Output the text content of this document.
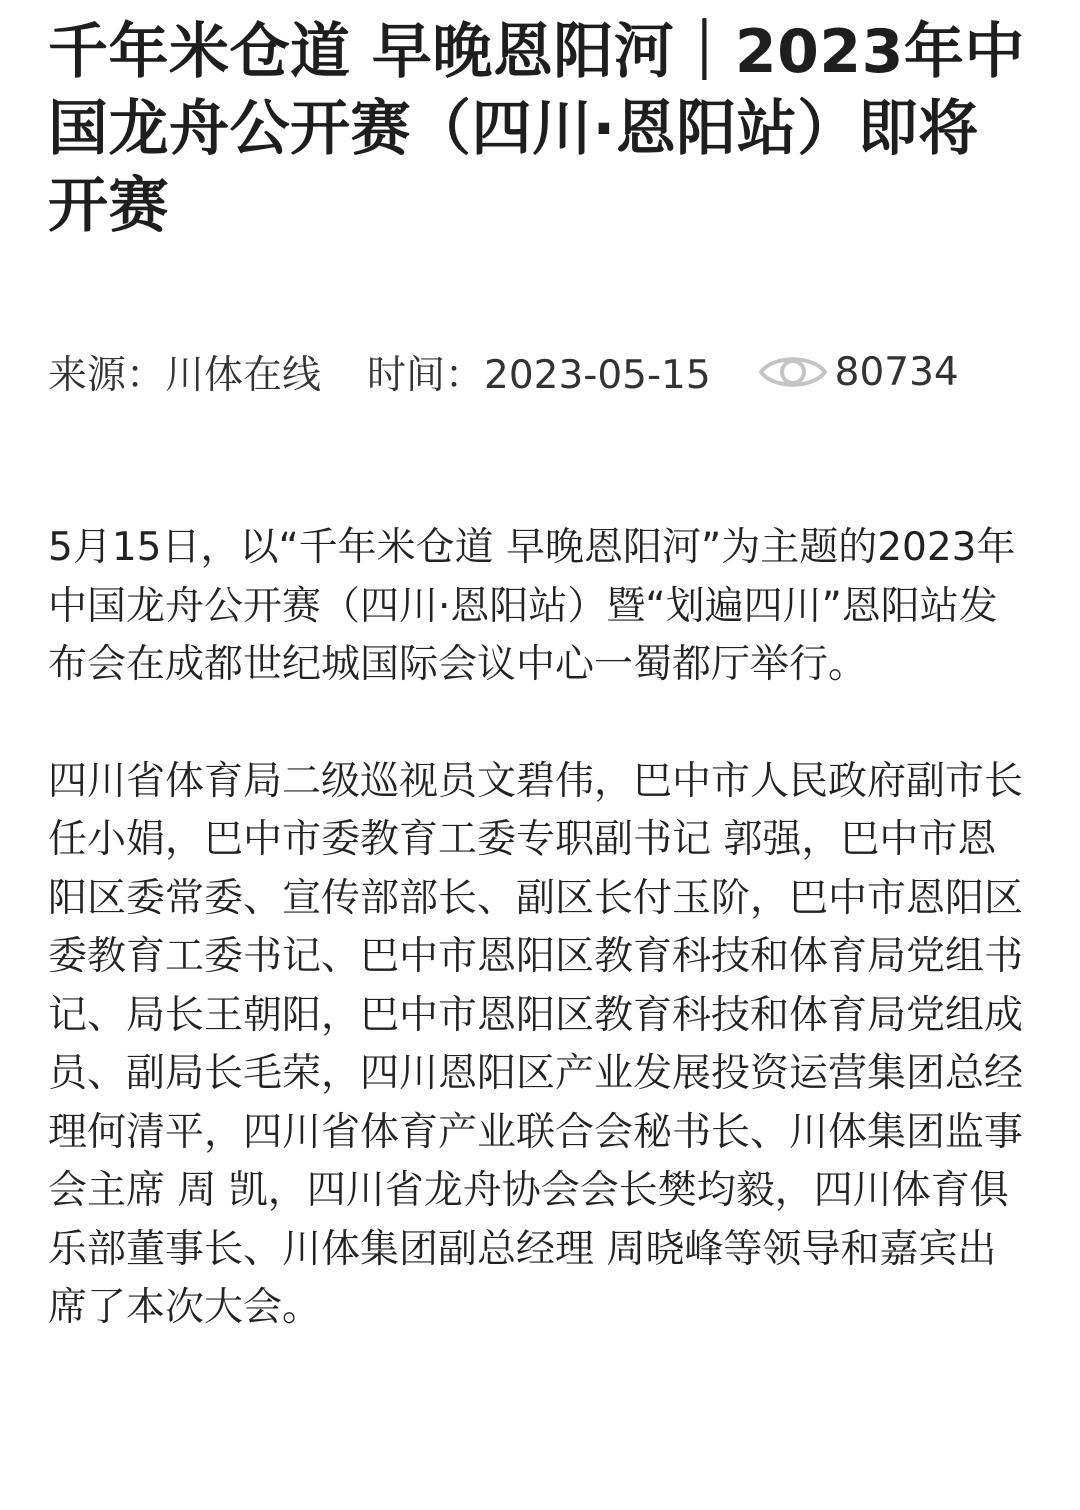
千年米仓道 早晚恩阳河｜2023年中国龙舟公开赛（四川·恩阳站）即将开赛
来源：川体在线 时间：2023-05-15	80734

5月15日，以“千年米仓道 早晚恩阳河”为主题的2023年中国龙舟公开赛（四川·恩阳站）暨“划遍四川”恩阳站发布会在成都世纪城国际会议中心一蜀都厅举行。

四川省体育局二级巡视员文碧伟，巴中市人民政府副市长任小娟，巴中市委教育工委专职副书记 郭强，巴中市恩阳区委常委、宣传部部长、副区长付玉阶，巴中市恩阳区委教育工委书记、巴中市恩阳区教育科技和体育局党组书记、局长王朝阳，巴中市恩阳区教育科技和体育局党组成员、副局长毛荣，四川恩阳区产业发展投资运营集团总经理何清平，四川省体育产业联合会秘书长、川体集团监事会主席 周 凯，四川省龙舟协会会长樊均毅，四川体育俱乐部董事长、川体集团副总经理 周晓峰等领导和嘉宾出席了本次大会。
